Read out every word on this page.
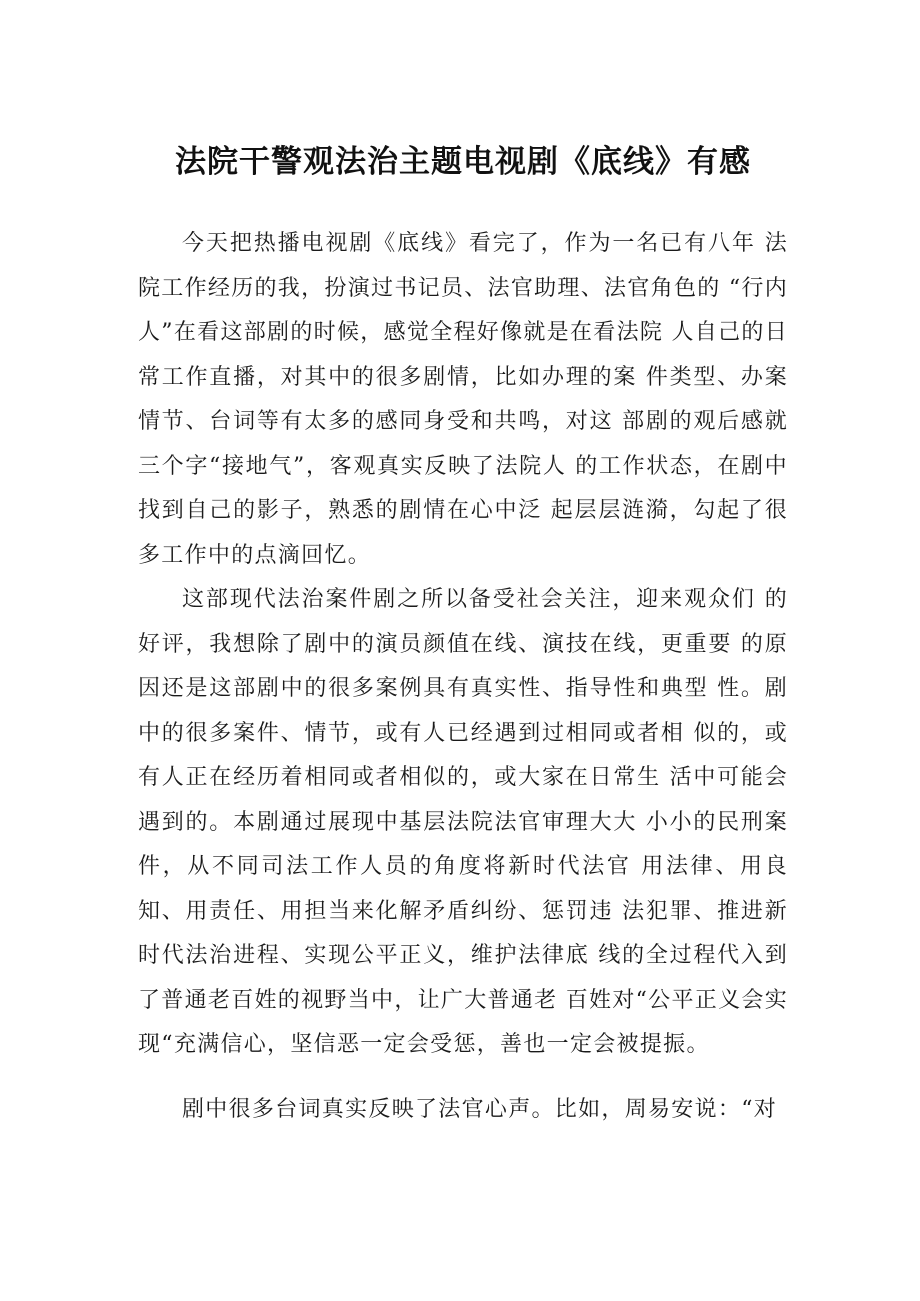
法院干警观法治主题电视剧《底线》有感

今天把热播电视剧《底线》看完了，作为一名已有八年 法院工作经历的我，扮演过书记员、法官助理、法官角色的 “行内人”在看这部剧的时候，感觉全程好像就是在看法院 人自己的日常工作直播，对其中的很多剧情，比如办理的案 件类型、办案情节、台词等有太多的感同身受和共鸣，对这 部剧的观后感就三个字“接地气”，客观真实反映了法院人 的工作状态，在剧中找到自己的影子，熟悉的剧情在心中泛 起层层涟漪，勾起了很多工作中的点滴回忆。

这部现代法治案件剧之所以备受社会关注，迎来观众们 的好评，我想除了剧中的演员颜值在线、演技在线，更重要 的原因还是这部剧中的很多案例具有真实性、指导性和典型 性。剧中的很多案件、情节，或有人已经遇到过相同或者相 似的，或有人正在经历着相同或者相似的，或大家在日常生 活中可能会遇到的。本剧通过展现中基层法院法官审理大大 小小的民刑案件，从不同司法工作人员的角度将新时代法官 用法律、用良知、用责任、用担当来化解矛盾纠纷、惩罚违 法犯罪、推进新时代法治进程、实现公平正义，维护法律底 线的全过程代入到了普通老百姓的视野当中，让广大普通老 百姓对“公平正义会实现“充满信心，坚信恶一定会受惩，善也一定会被提振。

剧中很多台词真实反映了法官心声。比如，周易安说：“对
